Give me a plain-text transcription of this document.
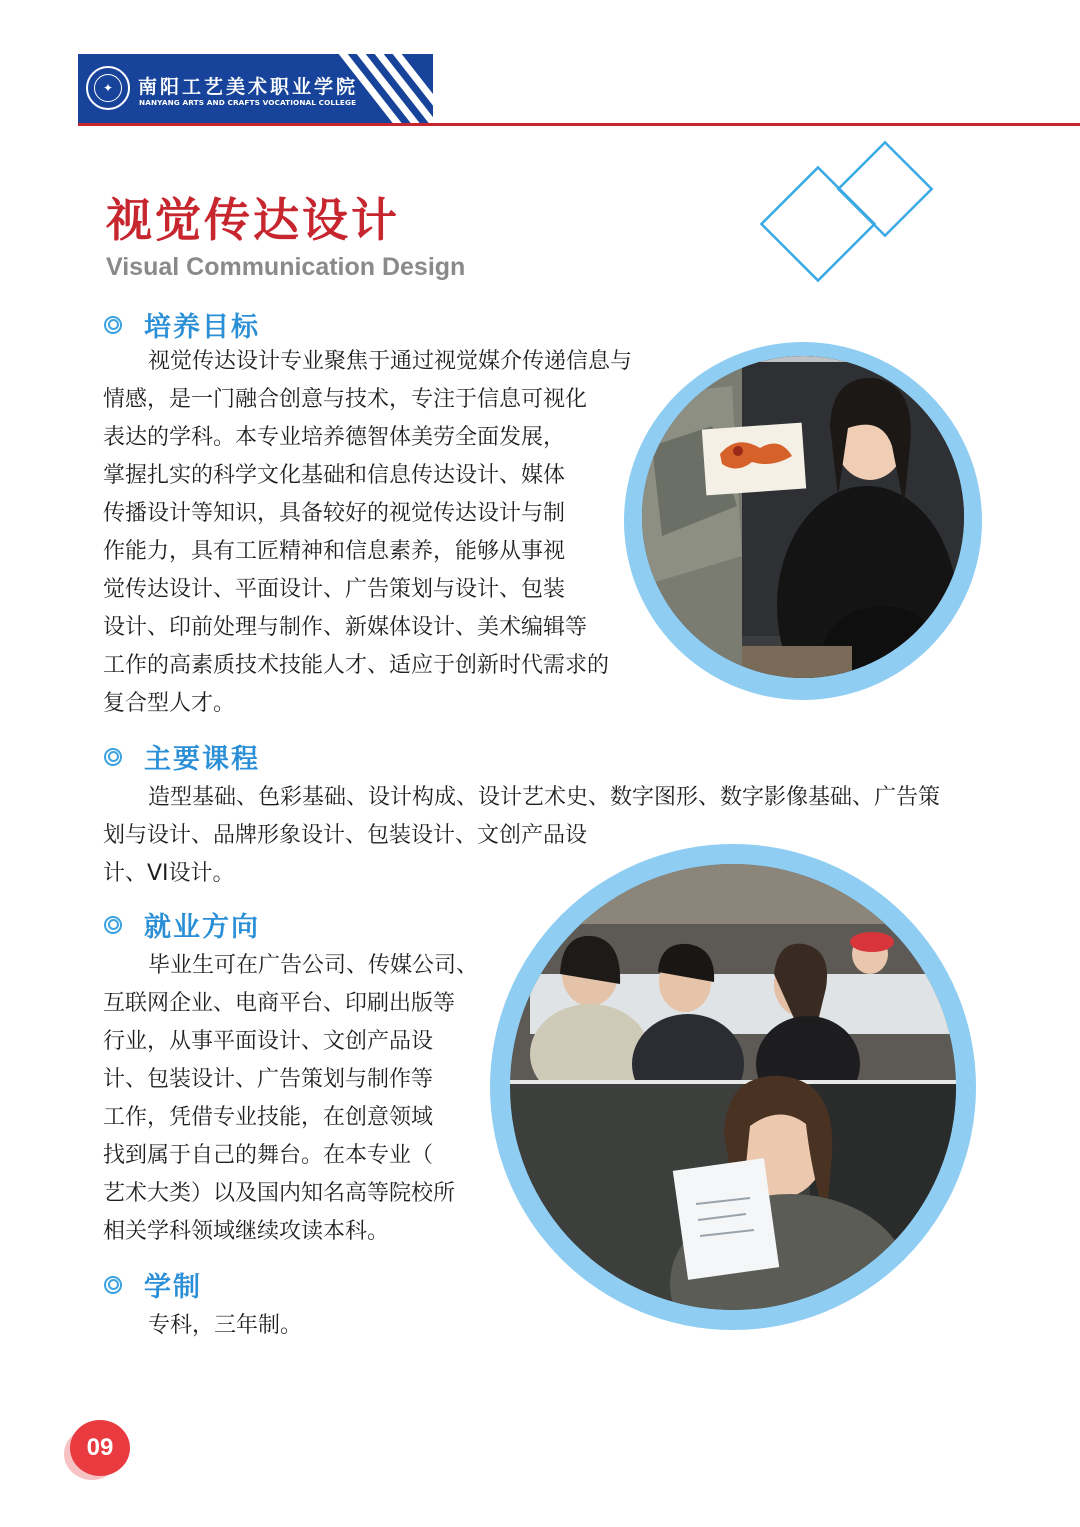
✦	南阳工艺美术职业学院
NANYANG ARTS AND CRAFTS VOCATIONAL COLLEGE
视觉传达设计
Visual Communication Design
培养目标
视觉传达设计专业聚焦于通过视觉媒介传递信息与
情感，是一门融合创意与技术，专注于信息可视化
表达的学科。本专业培养德智体美劳全面发展，
掌握扎实的科学文化基础和信息传达设计、媒体
传播设计等知识，具备较好的视觉传达设计与制
作能力，具有工匠精神和信息素养，能够从事视
觉传达设计、平面设计、广告策划与设计、包装
设计、印前处理与制作、新媒体设计、美术编辑等
工作的高素质技术技能人才、适应于创新时代需求的
复合型人才。
主要课程
造型基础、色彩基础、设计构成、设计艺术史、数字图形、数字影像基础、广告策
划与设计、品牌形象设计、包装设计、文创产品设
计、VI设计。
就业方向
毕业生可在广告公司、传媒公司、
互联网企业、电商平台、印刷出版等
行业，从事平面设计、文创产品设
计、包装设计、广告策划与制作等
工作，凭借专业技能，在创意领域
找到属于自己的舞台。在本专业（
艺术大类）以及国内知名高等院校所
相关学科领域继续攻读本科。
学制
专科，三年制。
09
